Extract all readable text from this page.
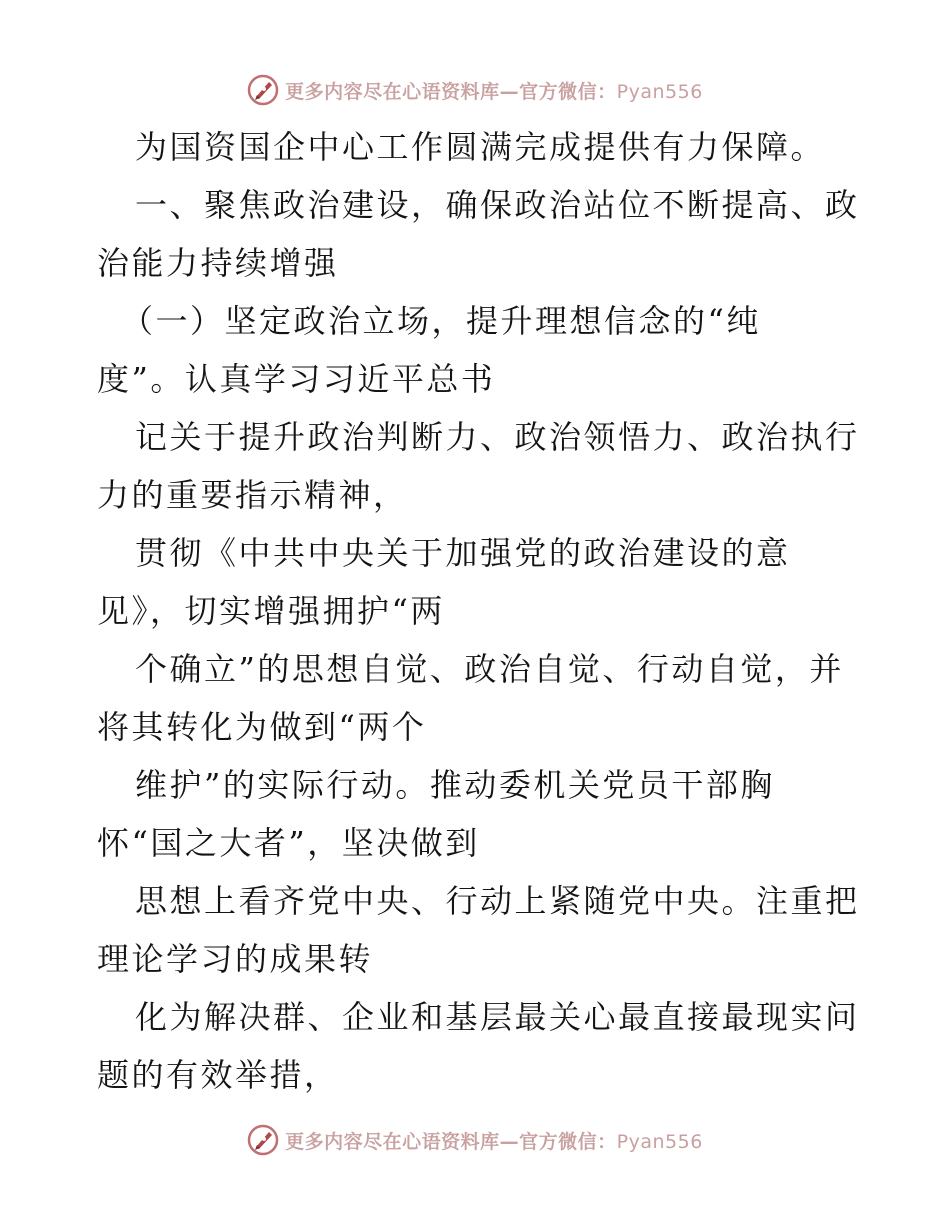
更多内容尽在心语资料库—官方微信：Pyan556
为国资国企中心工作圆满完成提供有力保障。
一、聚焦政治建设，确保政治站位不断提高、政
治能力持续增强
（一）坚定政治立场，提升理想信念的“纯
度”。认真学习习近平总书
记关于提升政治判断力、政治领悟力、政治执行
力的重要指示精神，
贯彻《中共中央关于加强党的政治建设的意
见》，切实增强拥护“两
个确立”的思想自觉、政治自觉、行动自觉，并
将其转化为做到“两个
维护”的实际行动。推动委机关党员干部胸
怀“国之大者”，坚决做到
思想上看齐党中央、行动上紧随党中央。注重把
理论学习的成果转
化为解决群、企业和基层最关心最直接最现实问
题的有效举措，
更多内容尽在心语资料库—官方微信：Pyan556
